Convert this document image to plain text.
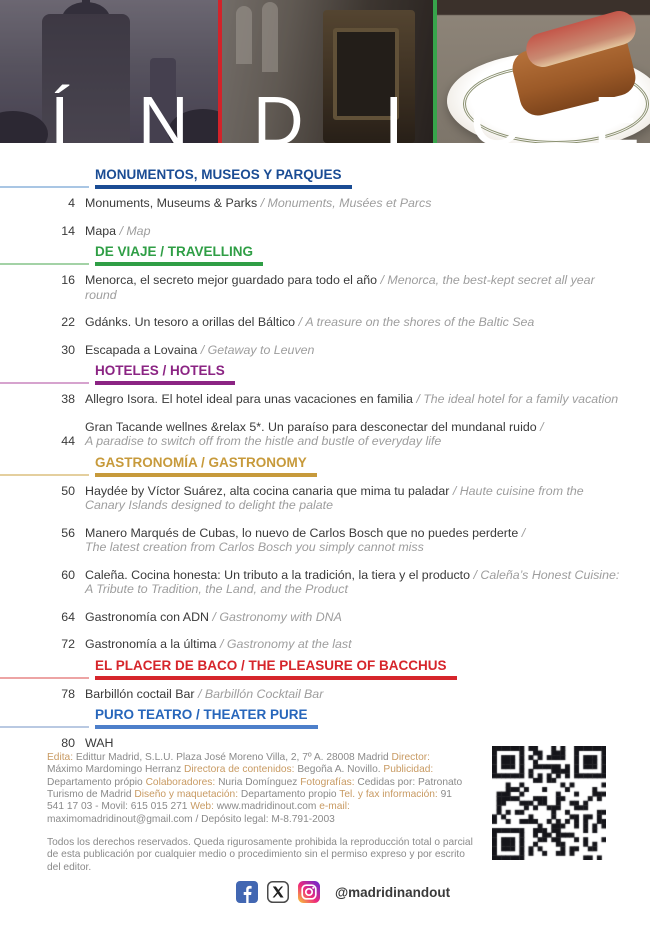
Í N D I C E
MONUMENTOS, MUSEOS Y PARQUES
4 Monuments, Museums & Parks / Monuments, Musées et Parcs
14 Mapa / Map
DE VIAJE / TRAVELLING
16 Menorca, el secreto mejor guardado para todo el año / Menorca, the best-kept secret all year round
22 Gdánks. Un tesoro a orillas del Báltico / A treasure on the shores of the Baltic Sea
30 Escapada a Lovaina / Getaway to Leuven
HOTELES / HOTELS
38 Allegro Isora. El hotel ideal para unas vacaciones en familia / The ideal hotel for a family vacation
44
Gran Tacande wellnes &relax 5*. Un paraíso para desconectar del mundanal ruido /
A paradise to switch off from the histle and bustle of everyday life
GASTRONOMÍA / GASTRONOMY
50 Haydée by Víctor Suárez, alta cocina canaria que mima tu paladar / Haute cuisine from the Canary Islands designed to delight the palate
56 Manero Marqués de Cubas, lo nuevo de Carlos Bosch que no puedes perderte /
The latest creation from Carlos Bosch you simply cannot miss
60 Caleña. Cocina honesta: Un tributo a la tradición, la tiera y el producto / Caleña’s Honest Cuisine: A Tribute to Tradition, the Land, and the Product
64 Gastronomía con ADN / Gastronomy with DNA
72 Gastronomía a la última / Gastronomy at the last
EL PLACER DE BACO / THE PLEASURE OF BACCHUS
78 Barbillón coctail Bar / Barbillón Cocktail Bar
PURO TEATRO / THEATER PURE
80 WAH

Edita: Edittur Madrid, S.L.U. Plaza José Moreno Villa, 2, 7º A. 28008 Madrid Director: Máximo Mardomingo Herranz Directora de contenidos: Begoña A. Novillo. Publicidad: Departamento própio Colaboradores: Nuria Domínguez Fotografías: Cedidas por: Patronato Turismo de Madrid Diseño y maquetación: Departamento propio Tel. y fax información: 91 541 17 03 - Movil: 615 015 271 Web: www.madridinout.com e-mail: maximomadridinout@gmail.com / Depósito legal: M-8.791-2003

Todos los derechos reservados. Queda rigurosamente prohibida la reproducción total o parcial de esta publicación por cualquier medio o procedimiento sin el permiso expreso y por escrito del editor.

@madridinandout
